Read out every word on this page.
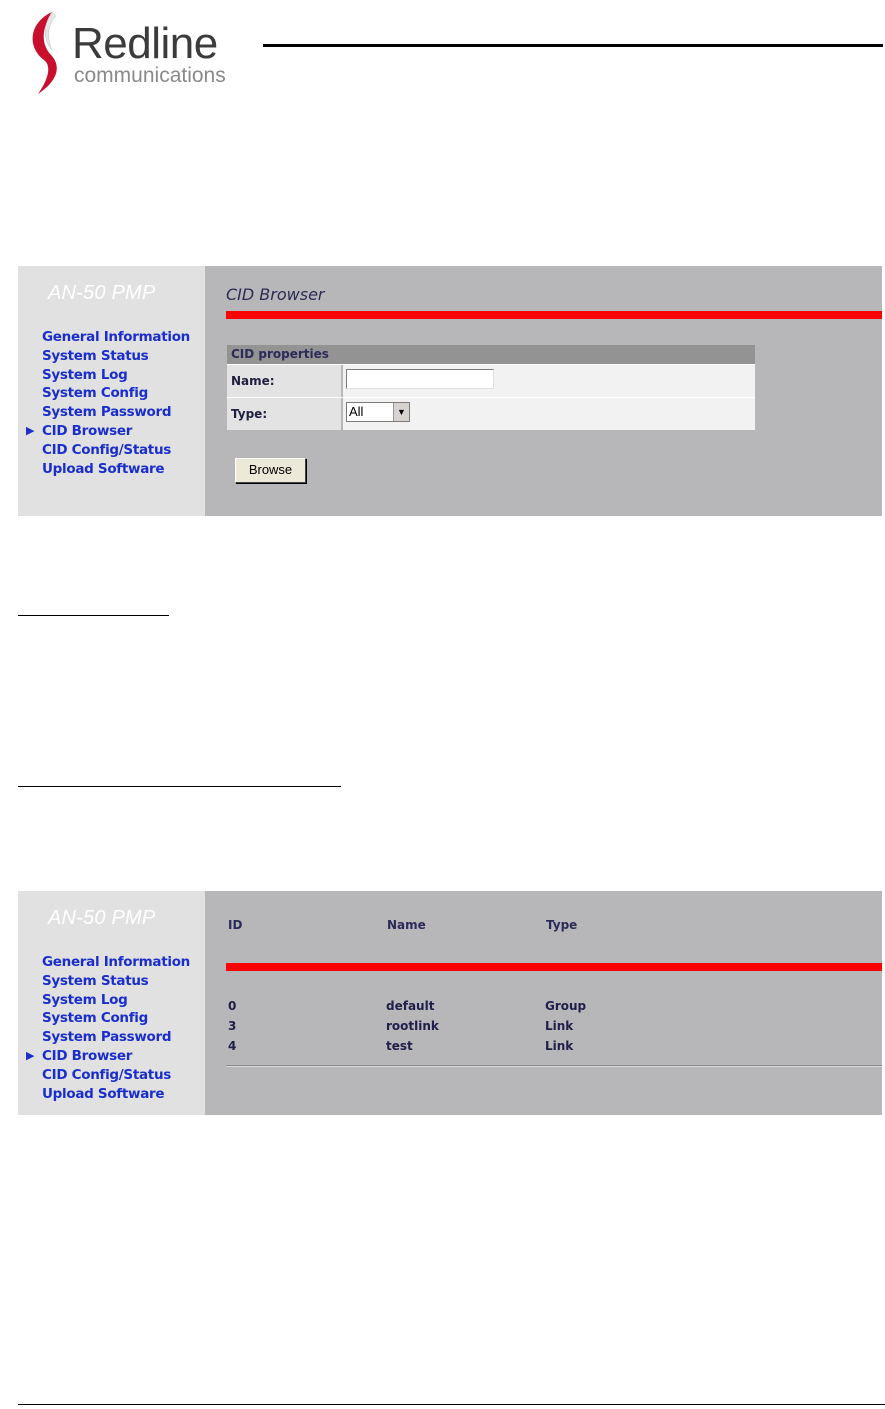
Redline
communications
AN-50 PMP
General Information
System Status
System Log
System Config
System Password
▶ CID Browser
CID Config/Status
Upload Software
CID Browser
CID properties
Name:
Type:	All	▼
Browse
AN-50 PMP
General Information
System Status
System Log
System Config
System Password
▶ CID Browser
CID Config/Status
Upload Software
ID	Name	Type
0	default	Group
3	rootlink	Link
4	test	Link
